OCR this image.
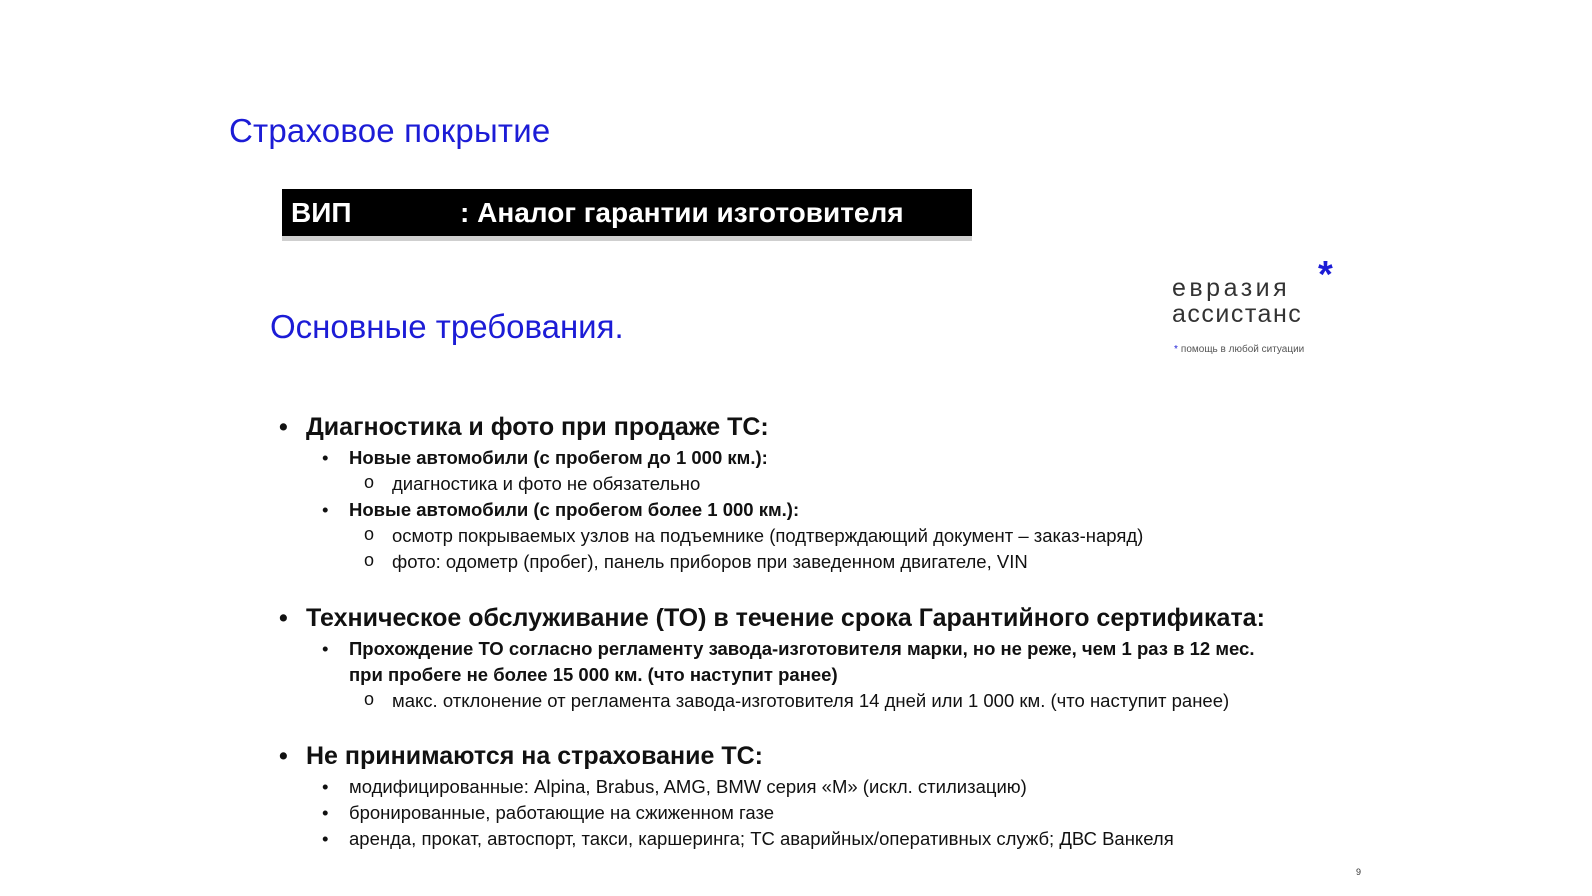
Страховое покрытие
ВИП	: Аналог гарантии изготовителя
Основные требования.
евразия *
ассистанс
* помощь в любой ситуации
• Диагностика и фото при продаже ТС:
• Новые автомобили (с пробегом до 1 000 км.):
o диагностика и фото не обязательно
• Новые автомобили (с пробегом более 1 000 км.):
o осмотр покрываемых узлов на подъемнике (подтверждающий документ – заказ-наряд)
o фото: одометр (пробег), панель приборов при заведенном двигателе, VIN
• Техническое обслуживание (ТО) в течение срока Гарантийного сертификата:
• Прохождение ТО согласно регламенту завода-изготовителя марки, но не реже, чем 1 раз в 12 мес.
при пробеге не более 15 000 км. (что наступит ранее)
o макс. отклонение от регламента завода-изготовителя 14 дней или 1 000 км. (что наступит ранее)
• Не принимаются на страхование ТС:
• модифицированные: Alpina, Brabus, AMG, BMW серия «М» (искл. стилизацию)
• бронированные, работающие на сжиженном газе
• аренда, прокат, автоспорт, такси, каршеринга; ТС аварийных/оперативных служб; ДВС Ванкеля
9
